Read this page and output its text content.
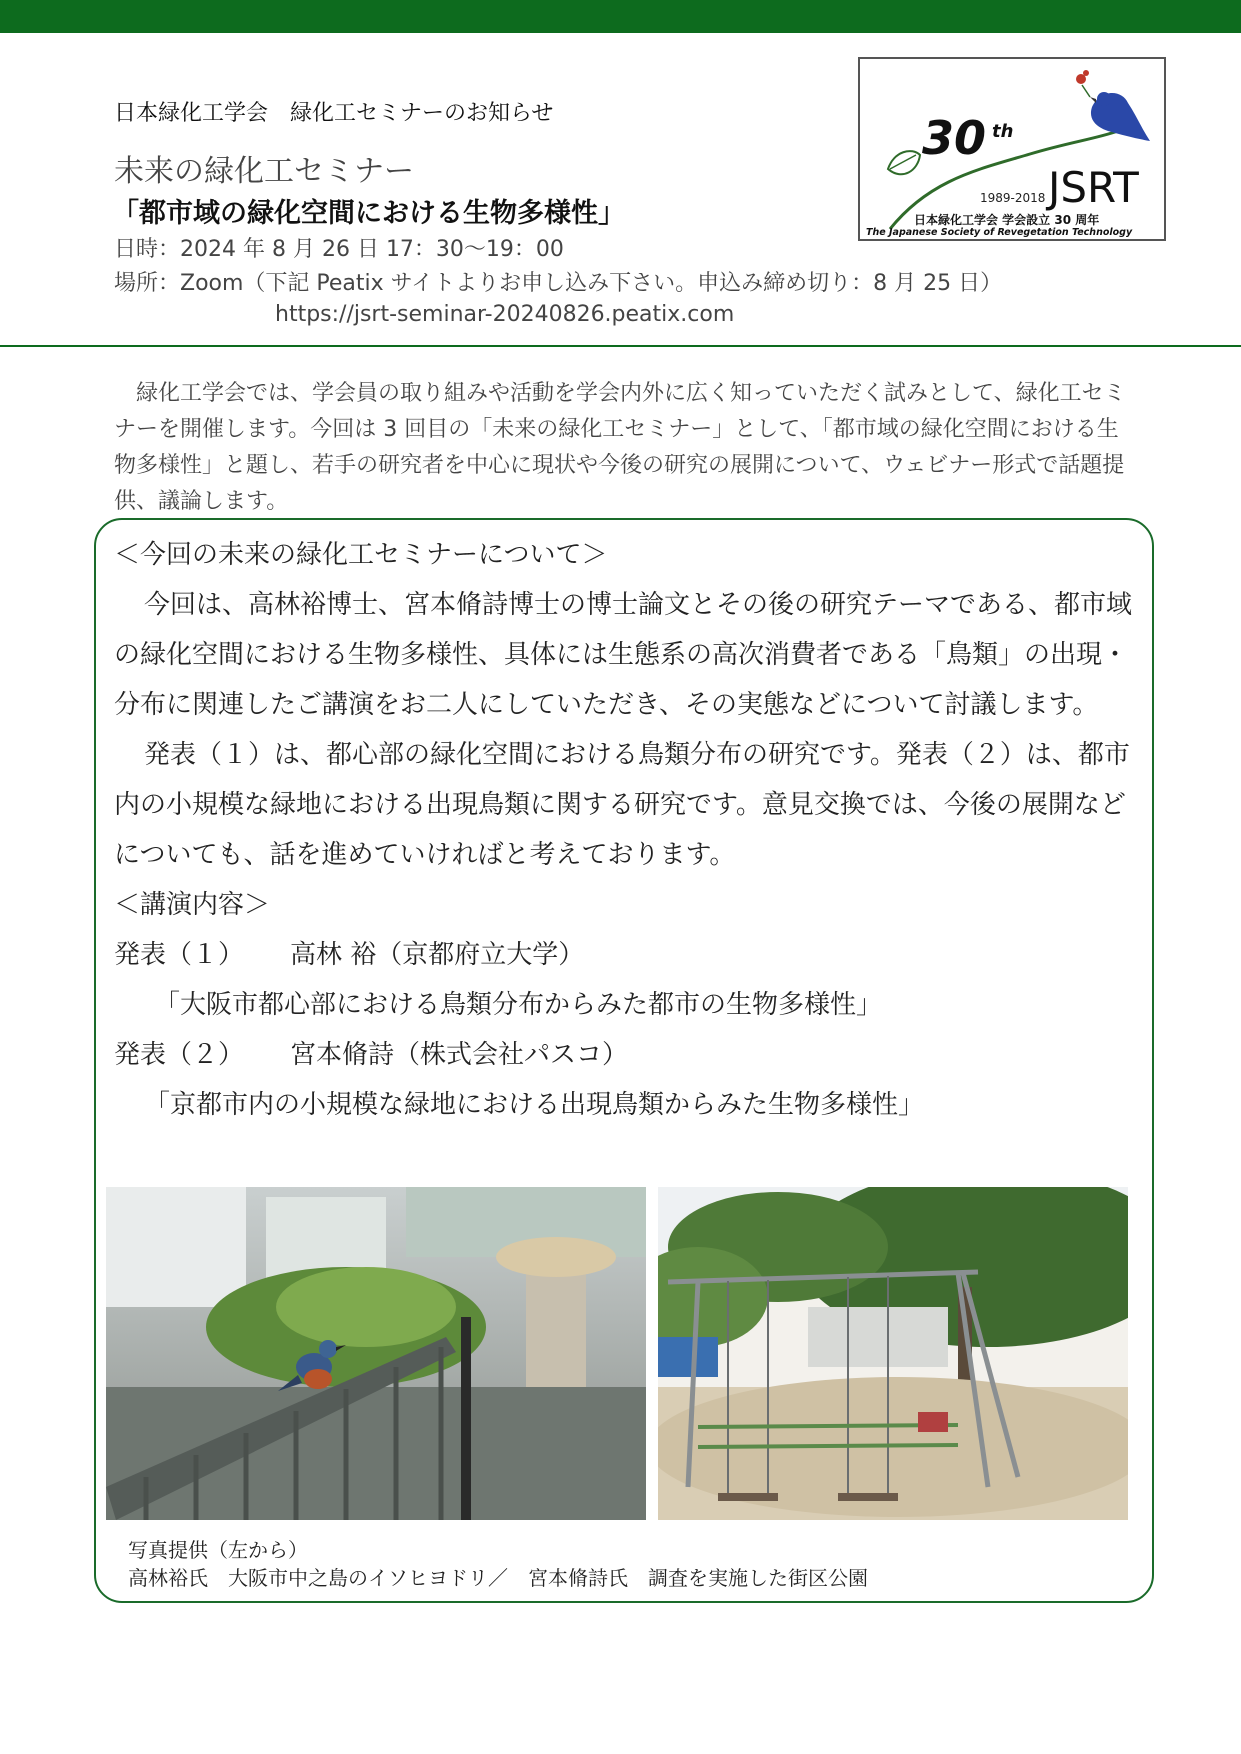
日本緑化工学会　緑化工セミナーのお知らせ
未来の緑化工セミナー
「都市域の緑化空間における生物多様性」
日時：2024 年 8 月 26 日 17：30～19：00
場所：Zoom（下記 Peatix サイトよりお申し込み下さい。申込み締め切り：8 月 25 日）
https://jsrt-seminar-20240826.peatix.com
30 th
1989-2018 JSRT
日本緑化工学会 学会設立 30 周年
The Japanese Society of Revegetation Technology

緑化工学会では、学会員の取り組みや活動を学会内外に広く知っていただく試みとして、緑化工セミナーを開催します。今回は 3 回目の「未来の緑化工セミナー」として、「都市域の緑化空間における生物多様性」と題し、若手の研究者を中心に現状や今後の研究の展開について、ウェビナー形式で話題提供、議論します。

＜今回の未来の緑化工セミナーについて＞

今回は、高林裕博士、宮本脩詩博士の博士論文とその後の研究テーマである、都市域の緑化空間における生物多様性、具体には生態系の高次消費者である「鳥類」の出現・分布に関連したご講演をお二人にしていただき、その実態などについて討議します。

発表（１）は、都心部の緑化空間における鳥類分布の研究です。発表（２）は、都市内の小規模な緑地における出現鳥類に関する研究です。意見交換では、今後の展開などについても、話を進めていければと考えております。

＜講演内容＞

発表（１） 高林 裕（京都府立大学）

「大阪市都心部における鳥類分布からみた都市の生物多様性」

発表（２） 宮本脩詩（株式会社パスコ）

「京都市内の小規模な緑地における出現鳥類からみた生物多様性」

写真提供（左から）

高林裕氏　大阪市中之島のイソヒヨドリ／　宮本脩詩氏　調査を実施した街区公園
